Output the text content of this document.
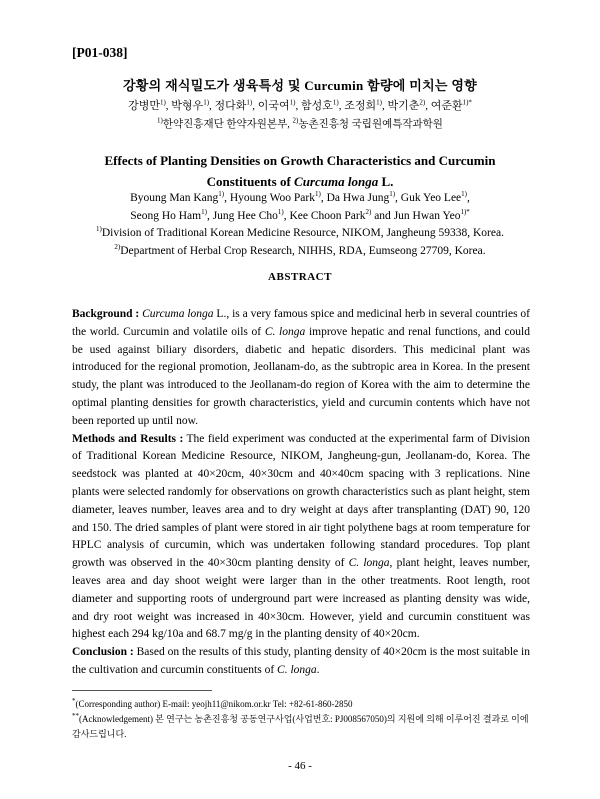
[P01-038]
강황의 재식밀도가 생육특성 및 Curcumin 함량에 미치는 영향
강병만$^{1)}$, 박형우$^{1)}$, 정다화$^{1)}$, 이국여$^{1)}$, 함성호$^{1)}$, 조정희$^{1)}$, 박기춘$^{2)}$, 여준환$^{1)*}$
$^{1)}$한약진흥재단 한약자원본부, $^{2)}$농촌진흥청 국립원예특작과학원
Effects of Planting Densities on Growth Characteristics and Curcumin
Constituents of Curcuma longa L.
Byoung Man Kang$^{1)}$, Hyoung Woo Park$^{1)}$, Da Hwa Jung$^{1)}$, Guk Yeo Lee$^{1)}$,
Seong Ho Ham$^{1)}$, Jung Hee Cho$^{1)}$, Kee Choon Park$^{2)}$ and Jun Hwan Yeo$^{1)*}$
$^{1)}$Division of Traditional Korean Medicine Resource, NIKOM, Jangheung 59338, Korea.
$^{2)}$Department of Herbal Crop Research, NIHHS, RDA, Eumseong 27709, Korea.
ABSTRACT

Background : Curcuma longa L., is a very famous spice and medicinal herb in several countries of the world. Curcumin and volatile oils of C. longa improve hepatic and renal functions, and could be used against biliary disorders, diabetic and hepatic disorders. This medicinal plant was introduced for the regional promotion, Jeollanam-do, as the subtropic area in Korea. In the present study, the plant was introduced to the Jeollanam-do region of Korea with the aim to determine the optimal planting densities for growth characteristics, yield and curcumin contents which have not been reported up until now.

Methods and Results : The field experiment was conducted at the experimental farm of Division of Traditional Korean Medicine Resource, NIKOM, Jangheung-gun, Jeollanam-do, Korea. The seedstock was planted at 40×20cm, 40×30cm and 40×40cm spacing with 3 replications. Nine plants were selected randomly for observations on growth characteristics such as plant height, stem diameter, leaves number, leaves area and to dry weight at days after transplanting (DAT) 90, 120 and 150. The dried samples of plant were stored in air tight polythene bags at room temperature for HPLC analysis of curcumin, which was undertaken following standard procedures. Top plant growth was observed in the 40×30cm planting density of C. longa, plant height, leaves number, leaves area and day shoot weight were larger than in the other treatments. Root length, root diameter and supporting roots of underground part were increased as planting density was wide, and dry root weight was increased in 40×30cm. However, yield and curcumin constituent was highest each 294 kg/10a and 68.7 mg/g in the planting density of 40×20cm.

Conclusion : Based on the results of this study, planting density of 40×20cm is the most suitable in the cultivation and curcumin constituents of C. longa.

*(Corresponding author) E-mail: yeojh11@nikom.or.kr Tel: +82-61-860-2850

**(Acknowledgement) 본 연구는 농촌진흥청 공동연구사업(사업번호: PJ008567050)의 지원에 의해 이루어진 결과로 이에 감사드립니다.

- 46 -
